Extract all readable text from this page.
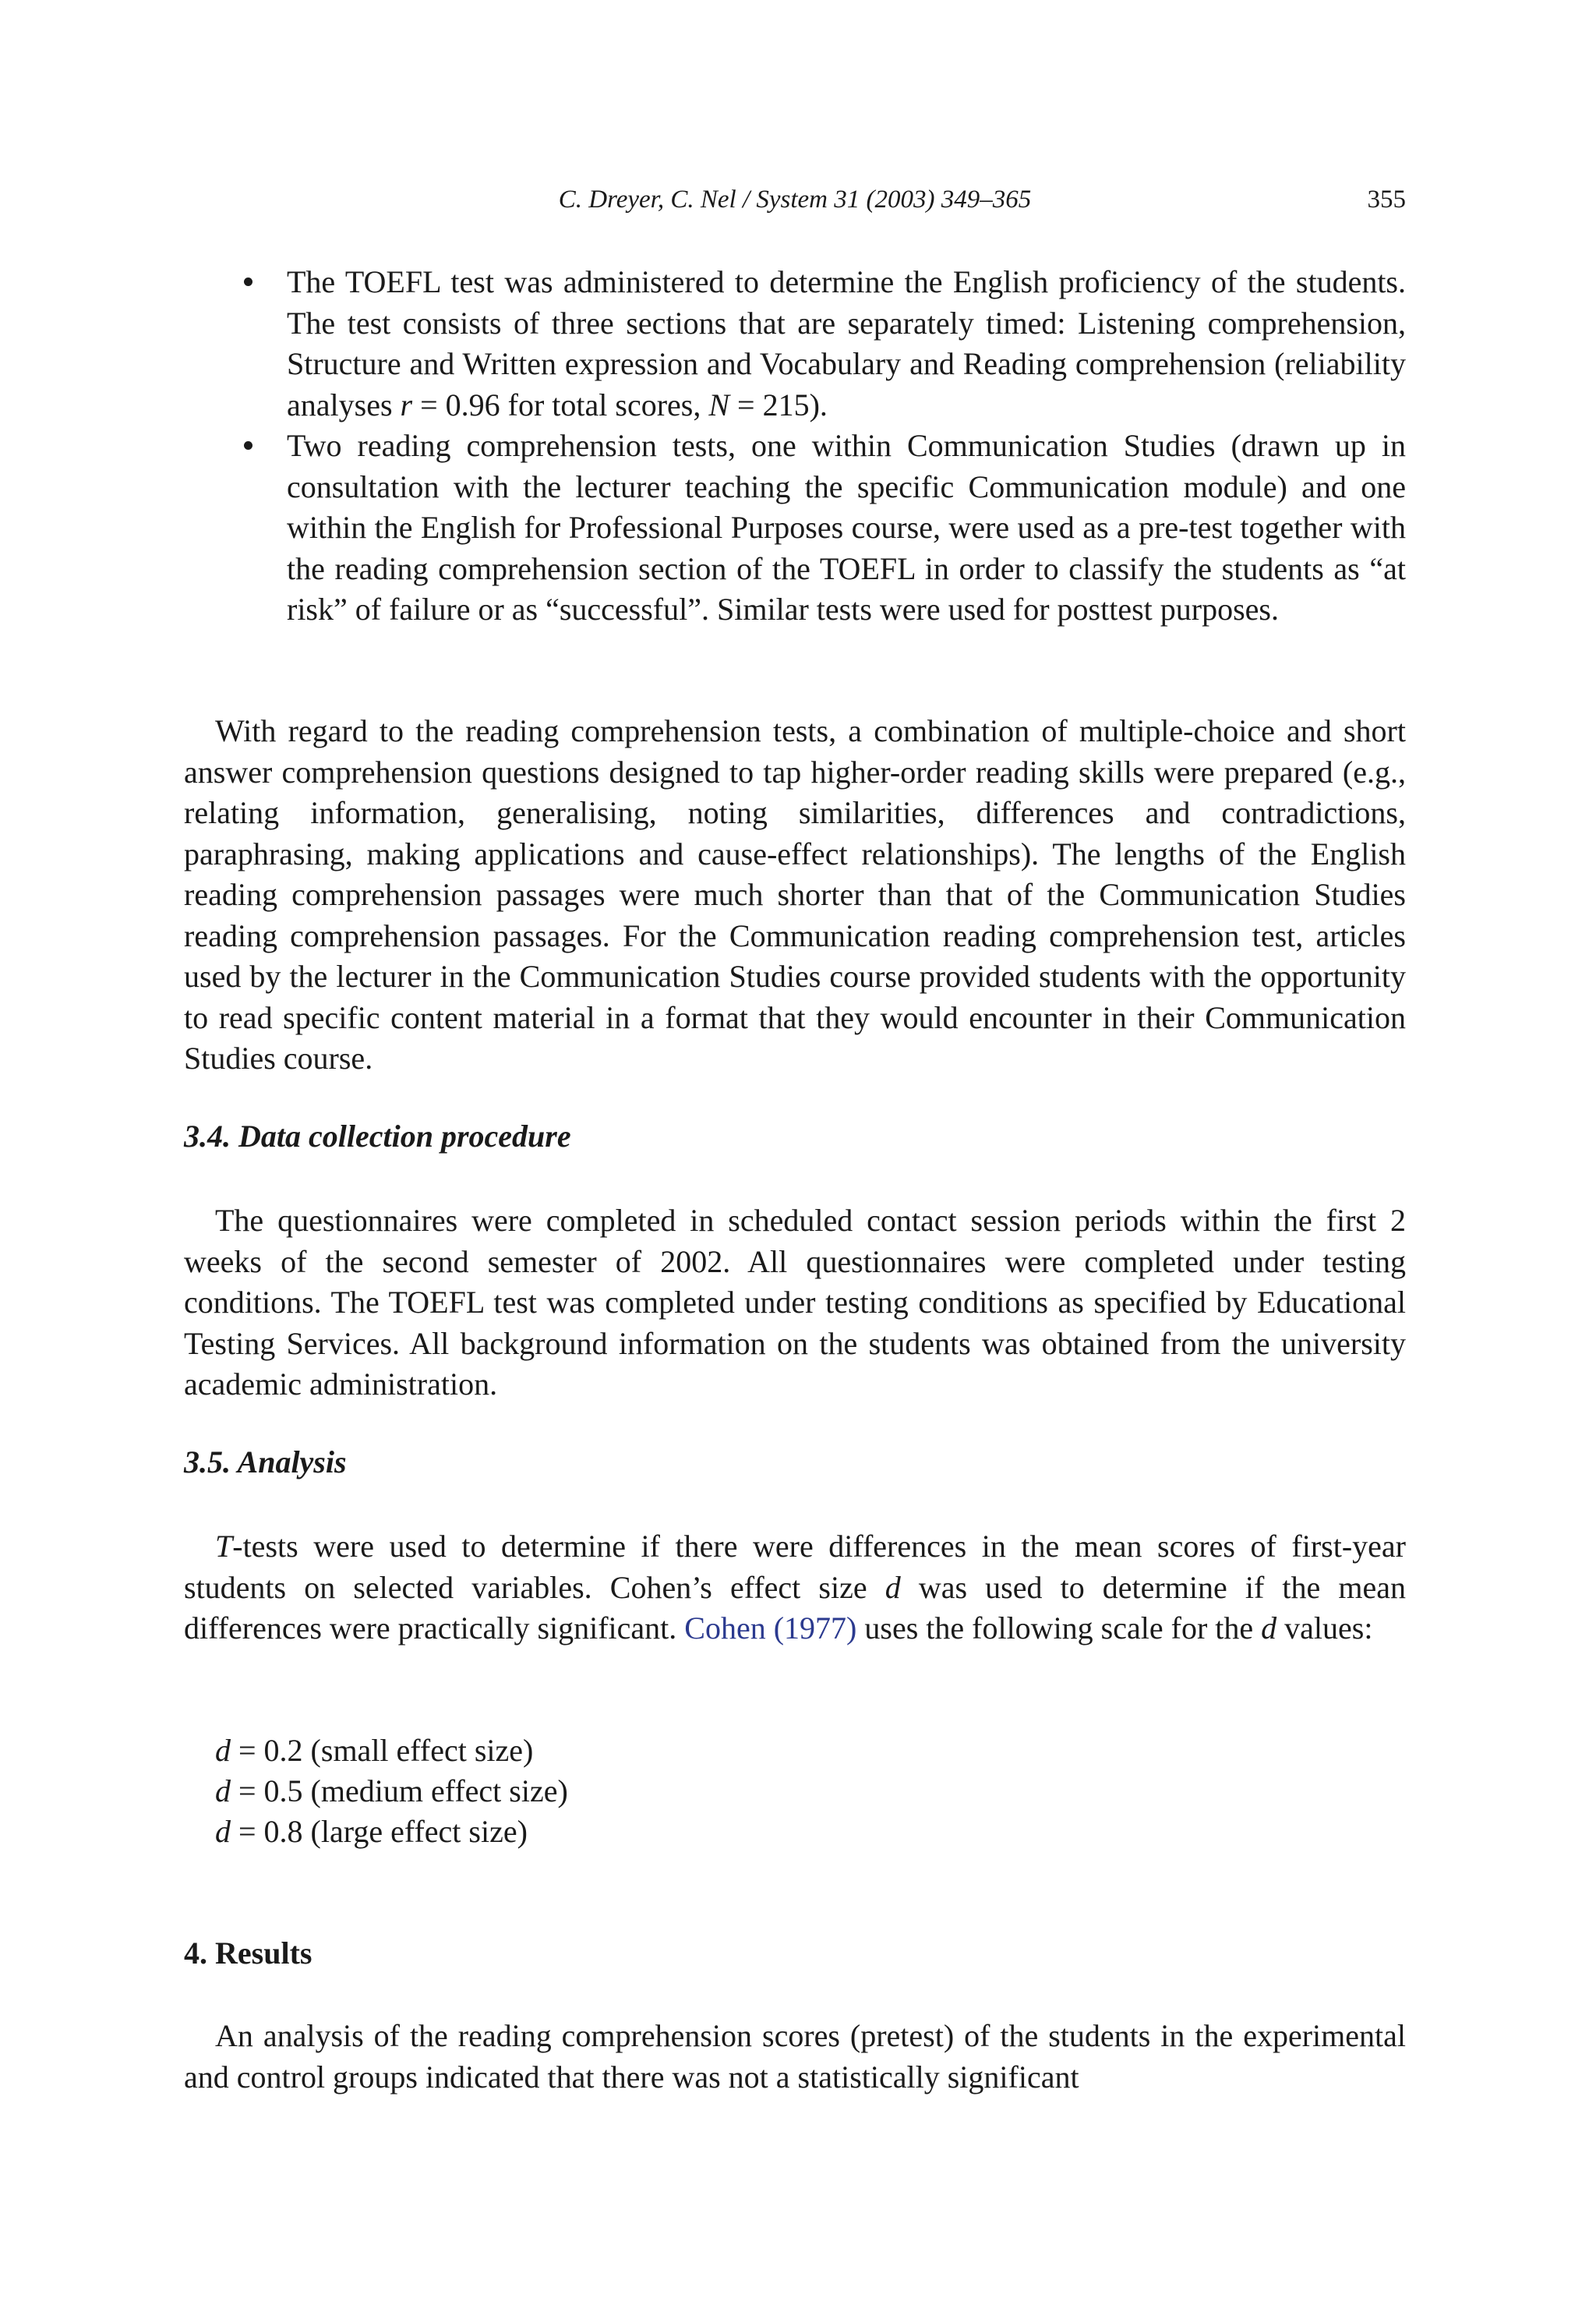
C. Dreyer, C. Nel / System 31 (2003) 349–365	355
The TOEFL test was administered to determine the English proficiency of the students. The test consists of three sections that are separately timed: Listening comprehension, Structure and Written expression and Vocabulary and Reading comprehension (reliability analyses r = 0.96 for total scores, N = 215).
Two reading comprehension tests, one within Communication Studies (drawn up in consultation with the lecturer teaching the specific Communication module) and one within the English for Professional Purposes course, were used as a pre-test together with the reading comprehension section of the TOEFL in order to classify the students as “at risk” of failure or as “successful”. Similar tests were used for posttest purposes.

With regard to the reading comprehension tests, a combination of multiple-choice and short answer comprehension questions designed to tap higher-order reading skills were prepared (e.g., relating information, generalising, noting similarities, differences and contradictions, paraphrasing, making applications and cause-effect relationships). The lengths of the English reading comprehension passages were much shorter than that of the Communication Studies reading comprehension passages. For the Communication reading comprehension test, articles used by the lecturer in the Communication Studies course provided students with the opportunity to read specific content material in a format that they would encounter in their Communication Studies course.

3.4. Data collection procedure

The questionnaires were completed in scheduled contact session periods within the first 2 weeks of the second semester of 2002. All questionnaires were completed under testing conditions. The TOEFL test was completed under testing conditions as specified by Educational Testing Services. All background information on the students was obtained from the university academic administration.

3.5. Analysis

T-tests were used to determine if there were differences in the mean scores of first-year students on selected variables. Cohen’s effect size d was used to determine if the mean differences were practically significant. Cohen (1977) uses the following scale for the d values:

d = 0.2 (small effect size)
d = 0.5 (medium effect size)
d = 0.8 (large effect size)
4. Results

An analysis of the reading comprehension scores (pretest) of the students in the experimental and control groups indicated that there was not a statistically significant
